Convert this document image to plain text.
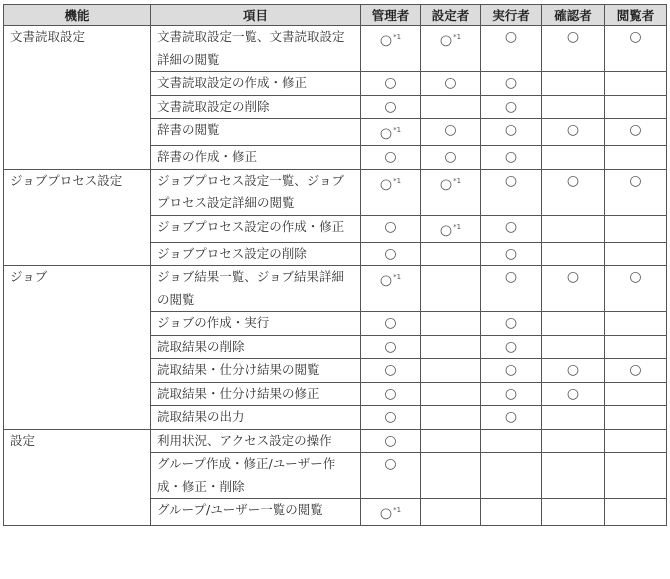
機能	項目	管理者	設定者	実行者	確認者	閲覧者
文書読取設定	文書読取設定一覧、文書読取設定詳細の閲覧	○$^{*1}$	○$^{*1}$	○	○	○
	文書読取設定の作成・修正	○	○	○		
	文書読取設定の削除	○		○		
	辞書の閲覧	○$^{*1}$	○	○	○	○
	辞書の作成・修正	○	○	○		
ジョブプロセス設定	ジョブプロセス設定一覧、ジョブプロセス設定詳細の閲覧	○$^{*1}$	○$^{*1}$	○	○	○
	ジョブプロセス設定の作成・修正	○	○$^{*1}$	○		
	ジョブプロセス設定の削除	○		○		
ジョブ	ジョブ結果一覧、ジョブ結果詳細の閲覧	○$^{*1}$		○	○	○
	ジョブの作成・実行	○		○		
	読取結果の削除	○		○		
	読取結果・仕分け結果の閲覧	○		○	○	○
	読取結果・仕分け結果の修正	○		○	○	
	読取結果の出力	○		○		
設定	利用状況、アクセス設定の操作	○				
	グループ作成・修正/ユーザー作成・修正・削除	○				
	グループ/ユーザー一覧の閲覧	○$^{*1}$				
